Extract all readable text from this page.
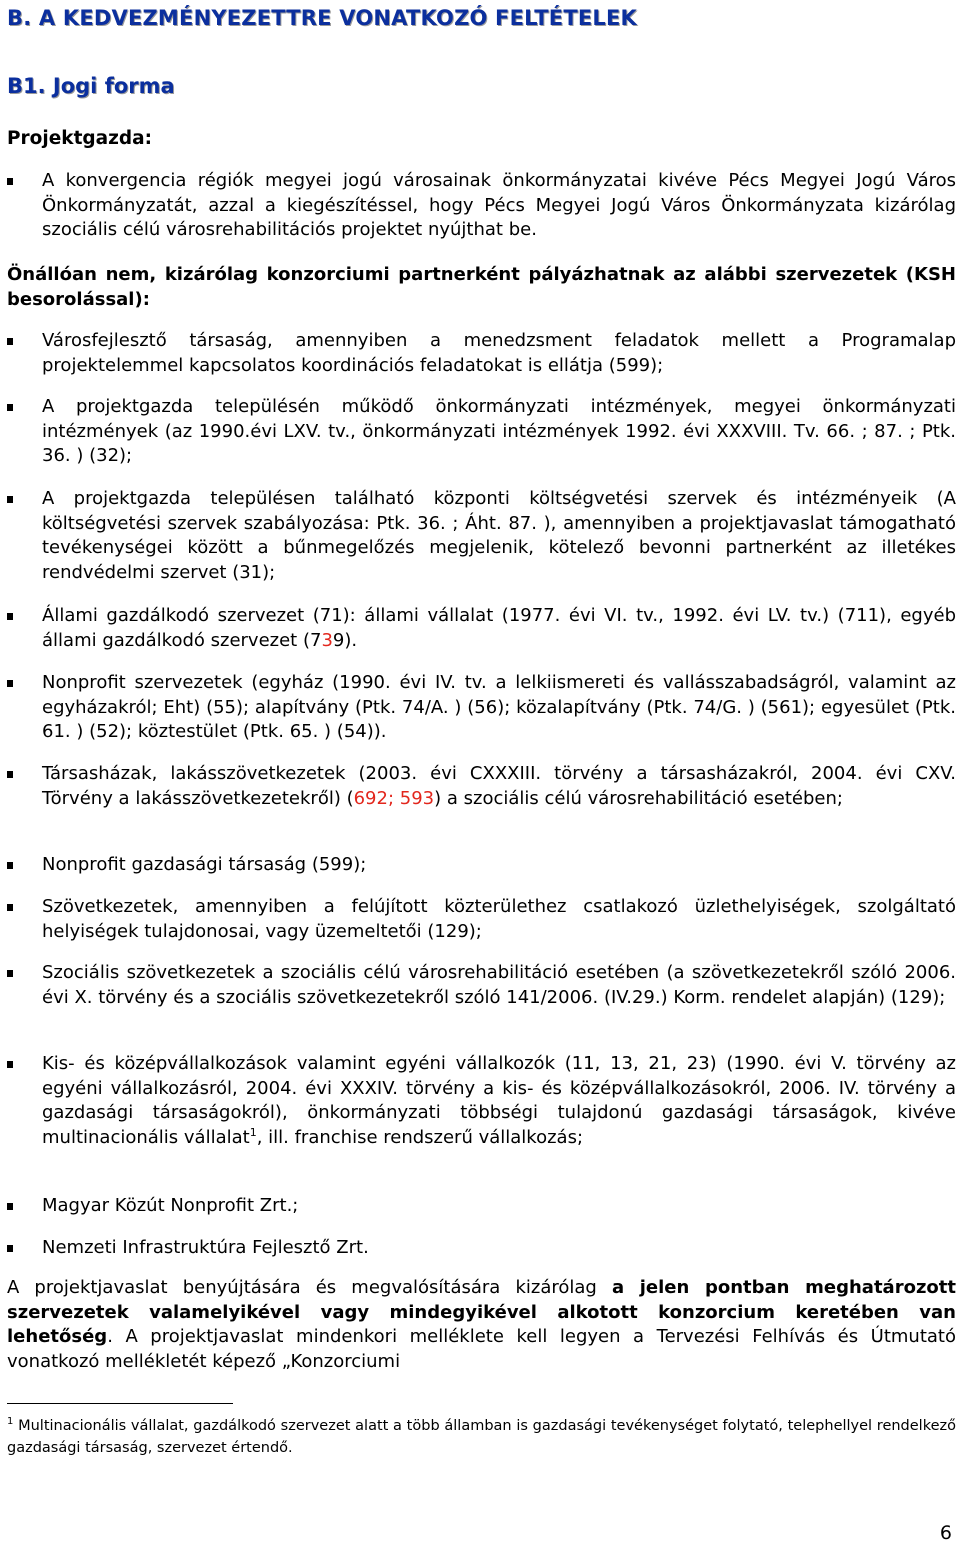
B. A KEDVEZMÉNYEZETTRE VONATKOZÓ FELTÉTELEK
B1. Jogi forma

Projektgazda:

A konvergencia régiók megyei jogú városainak önkormányzatai kivéve Pécs Megyei Jogú Város Önkormányzatát, azzal a kiegészítéssel, hogy Pécs Megyei Jogú Város Önkormányzata kizárólag szociális célú városrehabilitációs projektet nyújthat be.

Önállóan nem, kizárólag konzorciumi partnerként pályázhatnak az alábbi szervezetek (KSH besorolással):

Városfejlesztő társaság, amennyiben a menedzsment feladatok mellett a Programalap projektelemmel kapcsolatos koordinációs feladatokat is ellátja (599);
A projektgazda településén működő önkormányzati intézmények, megyei önkormányzati intézmények (az 1990.évi LXV. tv., önkormányzati intézmények 1992. évi XXXVIII. Tv. 66. ; 87. ; Ptk. 36. ) (32);
A projektgazda településen található központi költségvetési szervek és intézményeik (A költségvetési szervek szabályozása: Ptk. 36. ; Áht. 87. ), amennyiben a projektjavaslat támogatható tevékenységei között a bűnmegelőzés megjelenik, kötelező bevonni partnerként az illetékes rendvédelmi szervet (31);
Állami gazdálkodó szervezet (71): állami vállalat (1977. évi VI. tv., 1992. évi LV. tv.) (711), egyéb állami gazdálkodó szervezet (739).
Nonprofit szervezetek (egyház (1990. évi IV. tv. a lelkiismereti és vallásszabadságról, valamint az egyházakról; Eht) (55); alapítvány (Ptk. 74/A. ) (56); közalapítvány (Ptk. 74/G. ) (561); egyesület (Ptk. 61. ) (52); köztestület (Ptk. 65. ) (54)).
Társasházak, lakásszövetkezetek (2003. évi CXXXIII. törvény a társasházakról, 2004. évi CXV. Törvény a lakásszövetkezetekről) (692; 593) a szociális célú városrehabilitáció esetében;
Nonprofit gazdasági társaság (599);
Szövetkezetek, amennyiben a felújított közterülethez csatlakozó üzlethelyiségek, szolgáltató helyiségek tulajdonosai, vagy üzemeltetői (129);
Szociális szövetkezetek a szociális célú városrehabilitáció esetében (a szövetkezetekről szóló 2006. évi X. törvény és a szociális szövetkezetekről szóló 141/2006. (IV.29.) Korm. rendelet alapján) (129);
Kis- és középvállalkozások valamint egyéni vállalkozók (11, 13, 21, 23) (1990. évi V. törvény az egyéni vállalkozásról, 2004. évi XXXIV. törvény a kis- és középvállalkozásokról, 2006. IV. törvény a gazdasági társaságokról), önkormányzati többségi tulajdonú gazdasági társaságok, kivéve multinacionális vállalat$^1$, ill. franchise rendszerű vállalkozás;
Magyar Közút Nonprofit Zrt.;
Nemzeti Infrastruktúra Fejlesztő Zrt.

A projektjavaslat benyújtására és megvalósítására kizárólag a jelen pontban meghatározott szervezetek valamelyikével vagy mindegyikével alkotott konzorcium keretében van lehetőség. A projektjavaslat mindenkori melléklete kell legyen a Tervezési Felhívás és Útmutató vonatkozó mellékletét képező „Konzorciumi

$^1$ Multinacionális vállalat, gazdálkodó szervezet alatt a több államban is gazdasági tevékenységet folytató, telephellyel rendelkező gazdasági társaság, szervezet értendő.

6
